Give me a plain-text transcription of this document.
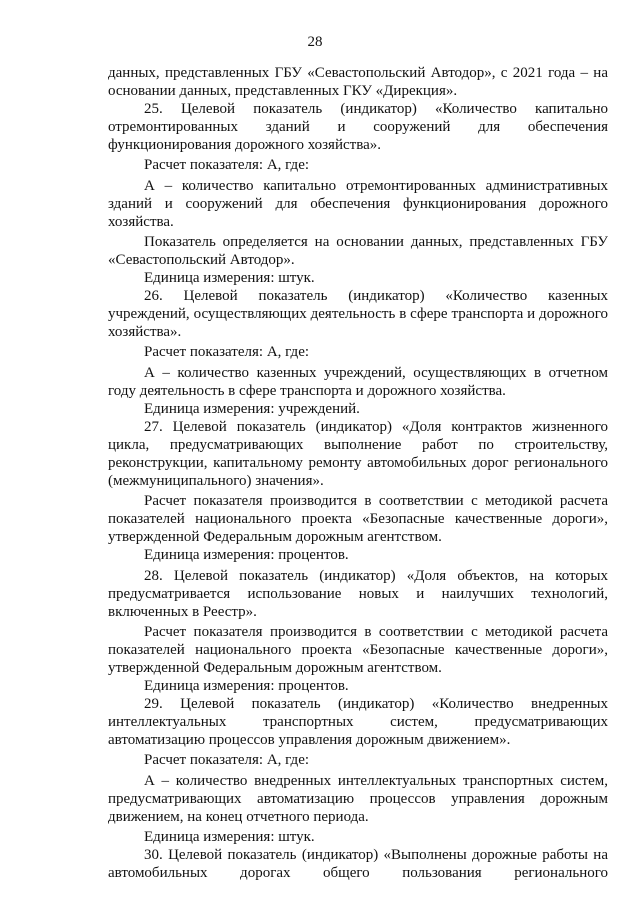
28

данных, представленных ГБУ «Севастопольский Автодор», с 2021 года – на основании данных, представленных ГКУ «Дирекция».

25. Целевой показатель (индикатор) «Количество капитально отремонтированных зданий и сооружений для обеспечения функционирования дорожного хозяйства».

Расчет показателя: А, где:

А – количество капитально отремонтированных административных зданий и сооружений для обеспечения функционирования дорожного хозяйства.

Показатель определяется на основании данных, представленных ГБУ «Севастопольский Автодор».

Единица измерения: штук.

26. Целевой показатель (индикатор) «Количество казенных учреждений, осуществляющих деятельность в сфере транспорта и дорожного хозяйства».

Расчет показателя: А, где:

А – количество казенных учреждений, осуществляющих в отчетном году деятельность в сфере транспорта и дорожного хозяйства.

Единица измерения: учреждений.

27. Целевой показатель (индикатор) «Доля контрактов жизненного цикла, предусматривающих выполнение работ по строительству, реконструкции, капитальному ремонту автомобильных дорог регионального (межмуниципального) значения».

Расчет показателя производится в соответствии с методикой расчета показателей национального проекта «Безопасные качественные дороги», утвержденной Федеральным дорожным агентством.

Единица измерения: процентов.

28. Целевой показатель (индикатор) «Доля объектов, на которых предусматривается использование новых и наилучших технологий, включенных в Реестр».

Расчет показателя производится в соответствии с методикой расчета показателей национального проекта «Безопасные качественные дороги», утвержденной Федеральным дорожным агентством.

Единица измерения: процентов.

29. Целевой показатель (индикатор) «Количество внедренных интеллектуальных транспортных систем, предусматривающих автоматизацию процессов управления дорожным движением».

Расчет показателя: А, где:

А – количество внедренных интеллектуальных транспортных систем, предусматривающих автоматизацию процессов управления дорожным движением, на конец отчетного периода.

Единица измерения: штук.

30. Целевой показатель (индикатор) «Выполнены дорожные работы на автомобильных дорогах общего пользования регионального
